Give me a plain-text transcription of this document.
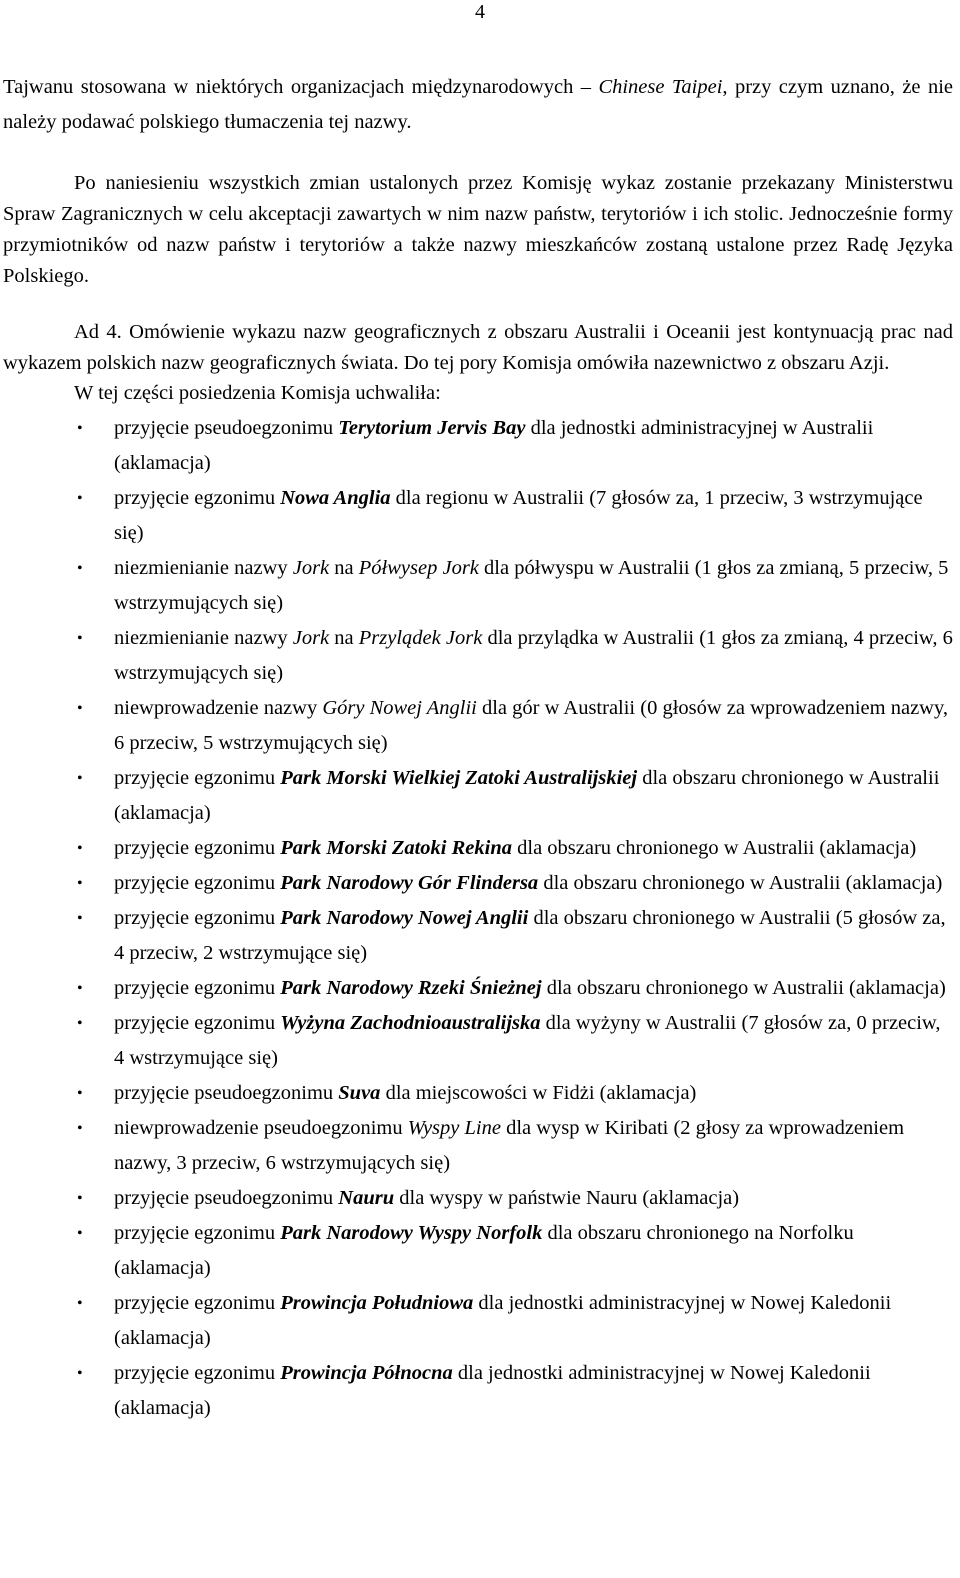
4

Tajwanu stosowana w niektórych organizacjach międzynarodowych – Chinese Taipei, przy czym uznano, że nie należy podawać polskiego tłumaczenia tej nazwy.

Po naniesieniu wszystkich zmian ustalonych przez Komisję wykaz zostanie przekazany Ministerstwu Spraw Zagranicznych w celu akceptacji zawartych w nim nazw państw, terytoriów i ich stolic. Jednocześnie formy przymiotników od nazw państw i terytoriów a także nazwy mieszkańców zostaną ustalone przez Radę Języka Polskiego.

Ad 4. Omówienie wykazu nazw geograficznych z obszaru Australii i Oceanii jest kontynuacją prac nad wykazem polskich nazw geograficznych świata. Do tej pory Komisja omówiła nazewnictwo z obszaru Azji.

W tej części posiedzenia Komisja uchwaliła:

• przyjęcie pseudoegzonimu Terytorium Jervis Bay dla jednostki administracyjnej w Australii (aklamacja)
• przyjęcie egzonimu Nowa Anglia dla regionu w Australii (7 głosów za, 1 przeciw, 3 wstrzymujące się)
• niezmienianie nazwy Jork na Półwysep Jork dla półwyspu w Australii (1 głos za zmianą, 5 przeciw, 5 wstrzymujących się)
• niezmienianie nazwy Jork na Przylądek Jork dla przylądka w Australii (1 głos za zmianą, 4 przeciw, 6 wstrzymujących się)
• niewprowadzenie nazwy Góry Nowej Anglii dla gór w Australii (0 głosów za wprowadzeniem nazwy, 6 przeciw, 5 wstrzymujących się)
• przyjęcie egzonimu Park Morski Wielkiej Zatoki Australijskiej dla obszaru chronionego w Australii (aklamacja)
• przyjęcie egzonimu Park Morski Zatoki Rekina dla obszaru chronionego w Australii (aklamacja)
• przyjęcie egzonimu Park Narodowy Gór Flindersa dla obszaru chronionego w Australii (aklamacja)
• przyjęcie egzonimu Park Narodowy Nowej Anglii dla obszaru chronionego w Australii (5 głosów za, 4 przeciw, 2 wstrzymujące się)
• przyjęcie egzonimu Park Narodowy Rzeki Śnieżnej dla obszaru chronionego w Australii (aklamacja)
• przyjęcie egzonimu Wyżyna Zachodnioaustralijska dla wyżyny w Australii (7 głosów za, 0 przeciw, 4 wstrzymujące się)
• przyjęcie pseudoegzonimu Suva dla miejscowości w Fidżi (aklamacja)
• niewprowadzenie pseudoegzonimu Wyspy Line dla wysp w Kiribati (2 głosy za wprowadzeniem nazwy, 3 przeciw, 6 wstrzymujących się)
• przyjęcie pseudoegzonimu Nauru dla wyspy w państwie Nauru (aklamacja)
• przyjęcie egzonimu Park Narodowy Wyspy Norfolk dla obszaru chronionego na Norfolku (aklamacja)
• przyjęcie egzonimu Prowincja Południowa dla jednostki administracyjnej w Nowej Kaledonii (aklamacja)
• przyjęcie egzonimu Prowincja Północna dla jednostki administracyjnej w Nowej Kaledonii (aklamacja)
